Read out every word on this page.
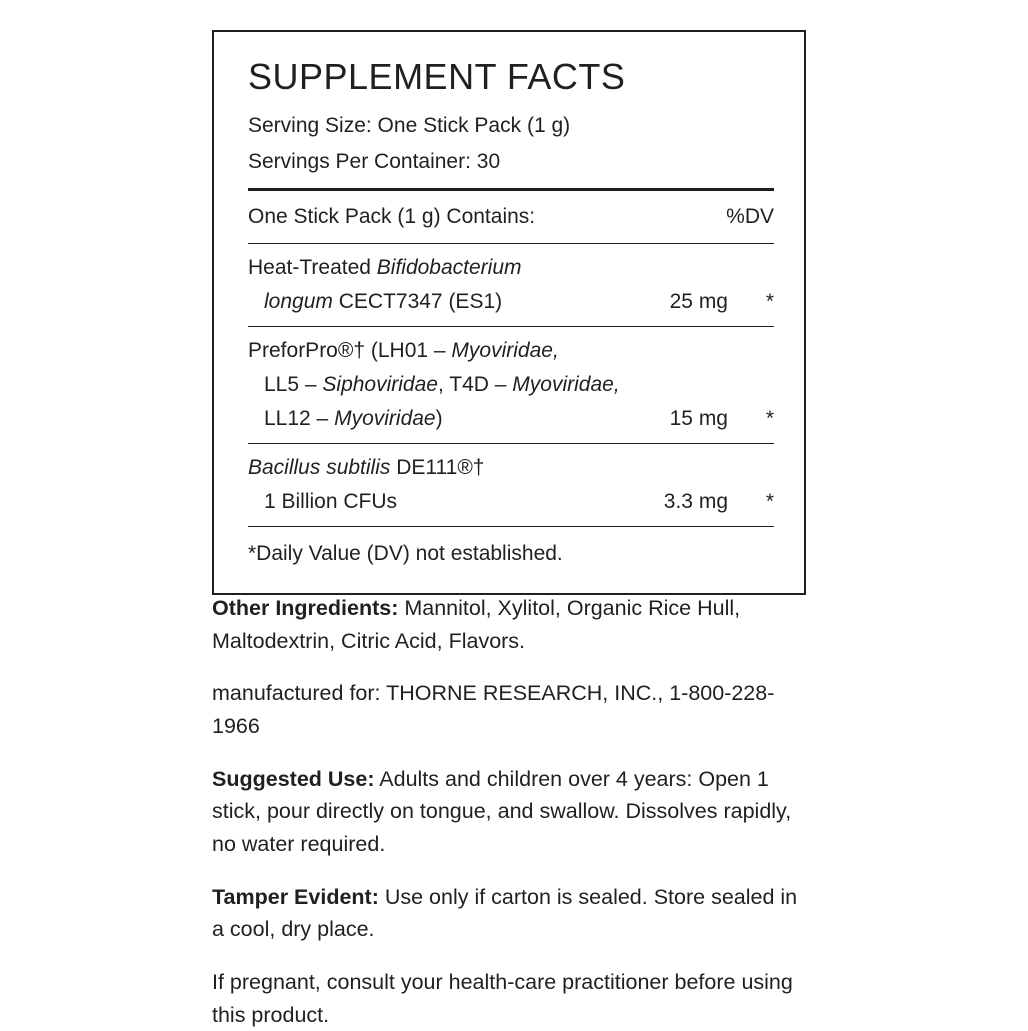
SUPPLEMENT FACTS
Serving Size: One Stick Pack (1 g)
Servings Per Container: 30
One Stick Pack (1 g) Contains:	%DV
Heat-Treated Bifidobacterium
longum CECT7347 (ES1)	25 mg	*
PreforPro®† (LH01 – Myoviridae,
LL5 – Siphoviridae, T4D – Myoviridae,
LL12 – Myoviridae)	15 mg	*
Bacillus subtilis DE111®†
1 Billion CFUs	3.3 mg	*
*Daily Value (DV) not established.

Other Ingredients: Mannitol, Xylitol, Organic Rice Hull, Maltodextrin, Citric Acid, Flavors.

manufactured for: THORNE RESEARCH, INC., 1-800-228-1966

Suggested Use: Adults and children over 4 years: Open 1 stick, pour directly on tongue, and swallow. Dissolves rapidly, no water required.

Tamper Evident: Use only if carton is sealed. Store sealed in a cool, dry place.

If pregnant, consult your health-care practitioner before using this product.
